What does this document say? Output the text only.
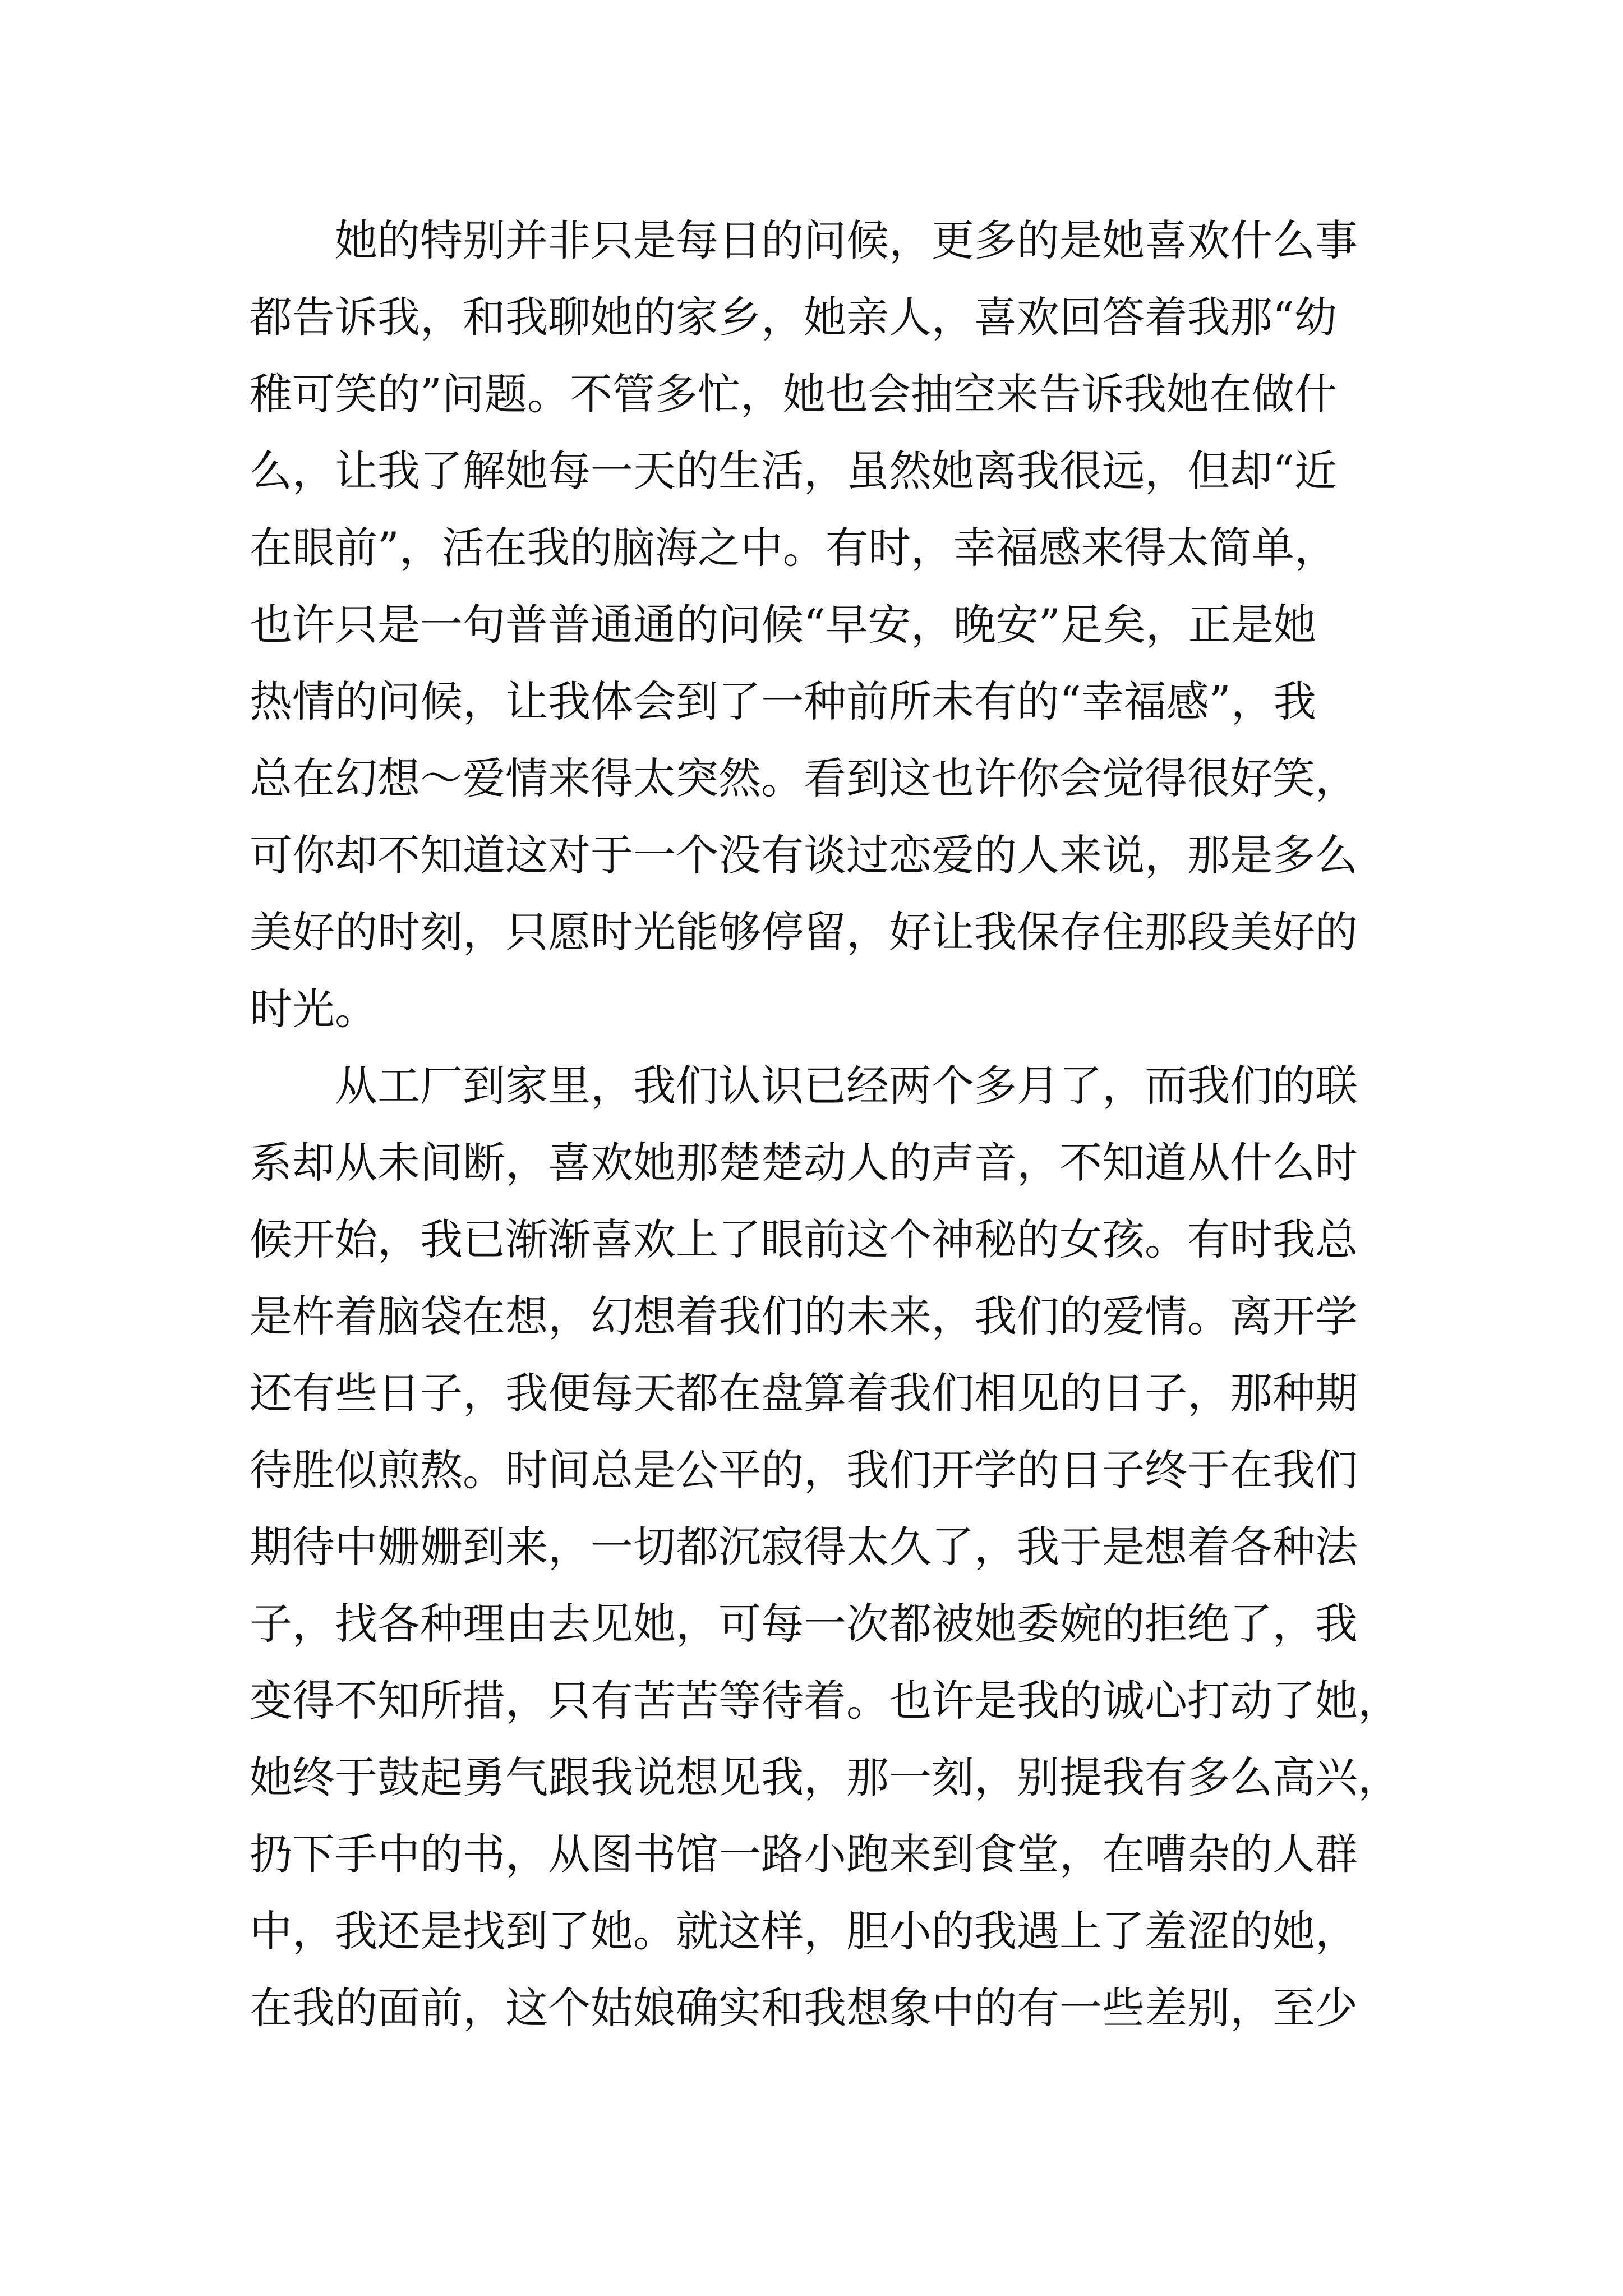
　　她的特别并非只是每日的问候，更多的是她喜欢什么事
都告诉我，和我聊她的家乡，她亲人，喜欢回答着我那“幼
稚可笑的”问题。不管多忙，她也会抽空来告诉我她在做什
么，让我了解她每一天的生活，虽然她离我很远，但却“近
在眼前”，活在我的脑海之中。有时，幸福感来得太简单，
也许只是一句普普通通的问候“早安，晚安”足矣，正是她
热情的问候，让我体会到了一种前所未有的“幸福感”，我
总在幻想～爱情来得太突然。看到这也许你会觉得很好笑，
可你却不知道这对于一个没有谈过恋爱的人来说，那是多么
美好的时刻，只愿时光能够停留，好让我保存住那段美好的
时光。

　　从工厂到家里，我们认识已经两个多月了，而我们的联
系却从未间断，喜欢她那楚楚动人的声音，不知道从什么时
候开始，我已渐渐喜欢上了眼前这个神秘的女孩。有时我总
是杵着脑袋在想，幻想着我们的未来，我们的爱情。离开学
还有些日子，我便每天都在盘算着我们相见的日子，那种期
待胜似煎熬。时间总是公平的，我们开学的日子终于在我们
期待中姗姗到来，一切都沉寂得太久了，我于是想着各种法
子，找各种理由去见她，可每一次都被她委婉的拒绝了，我
变得不知所措，只有苦苦等待着。也许是我的诚心打动了她，
她终于鼓起勇气跟我说想见我，那一刻，别提我有多么高兴，
扔下手中的书，从图书馆一路小跑来到食堂，在嘈杂的人群
中，我还是找到了她。就这样，胆小的我遇上了羞涩的她，
在我的面前，这个姑娘确实和我想象中的有一些差别，至少
